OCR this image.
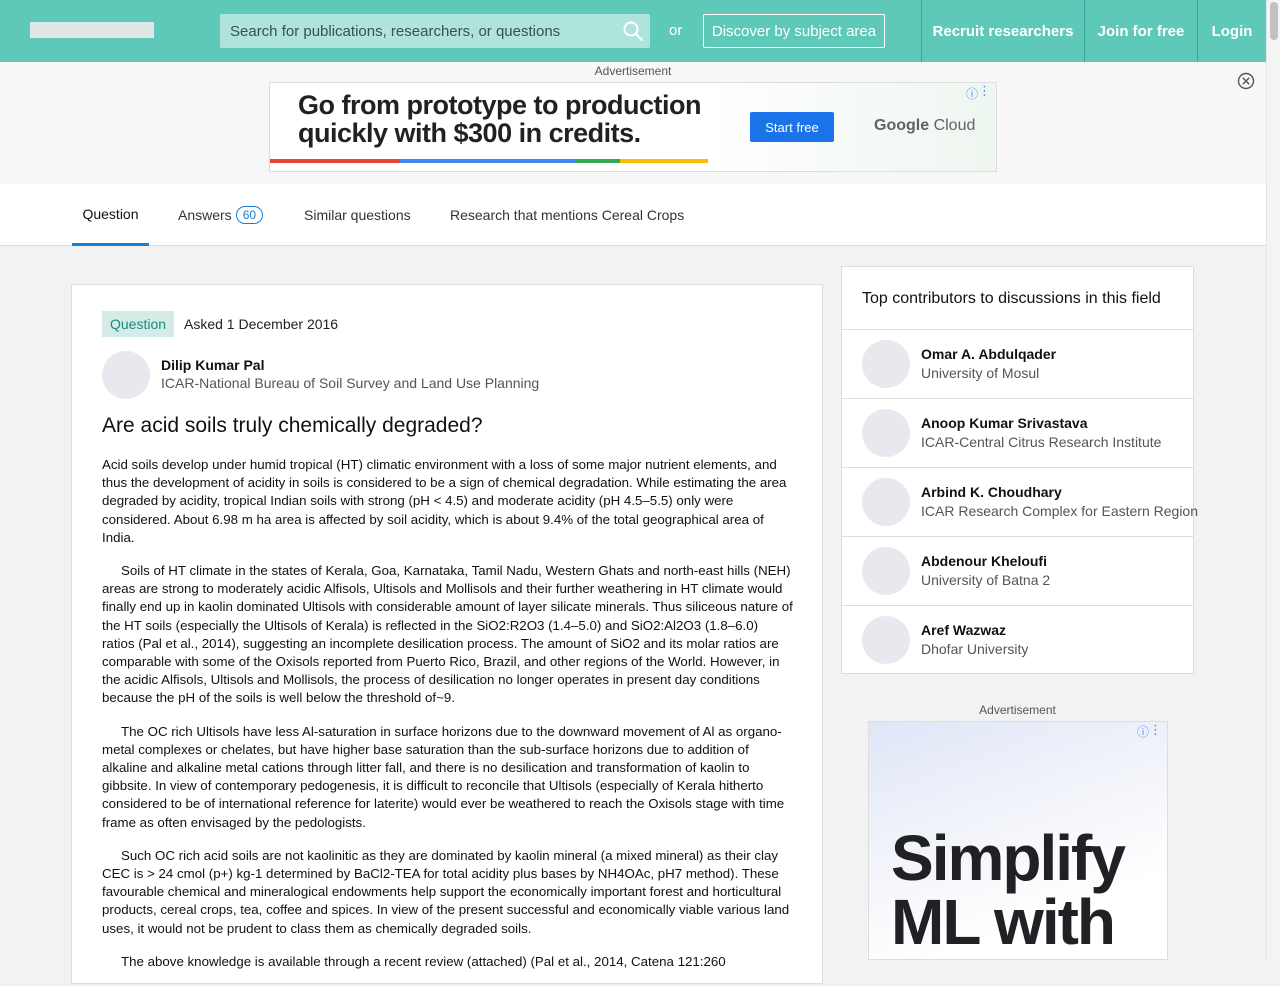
Search for publications, researchers, or questions
or	Discover by subject area	Recruit researchers	Join for free	Login
Advertisement
Go from prototype to production
quickly with $300 in credits.	Start free	Google Cloud
ⓘ ⋮
Question	Answers 60	Similar questions	Research that mentions Cereal Crops
Question	Asked 1 December 2016
Dilip Kumar Pal
ICAR-National Bureau of Soil Survey and Land Use Planning
Are acid soils truly chemically degraded?

Acid soils develop under humid tropical (HT) climatic environment with a loss of some major nutrient elements, and thus the development of acidity in soils is considered to be a sign of chemical degradation. While estimating the area degraded by acidity, tropical Indian soils with strong (pH < 4.5) and moderate acidity (pH 4.5–5.5) only were considered. About 6.98 m ha area is affected by soil acidity, which is about 9.4% of the total geographical area of India.

Soils of HT climate in the states of Kerala, Goa, Karnataka, Tamil Nadu, Western Ghats and north-east hills (NEH) areas are strong to moderately acidic Alfisols, Ultisols and Mollisols and their further weathering in HT climate would finally end up in kaolin dominated Ultisols with considerable amount of layer silicate minerals. Thus siliceous nature of the HT soils (especially the Ultisols of Kerala) is reflected in the SiO2:R2O3 (1.4–5.0) and SiO2:Al2O3 (1.8–6.0) ratios (Pal et al., 2014), suggesting an incomplete desilication process. The amount of SiO2 and its molar ratios are comparable with some of the Oxisols reported from Puerto Rico, Brazil, and other regions of the World. However, in the acidic Alfisols, Ultisols and Mollisols, the process of desilication no longer operates in present day conditions because the pH of the soils is well below the threshold of~9.

The OC rich Ultisols have less Al-saturation in surface horizons due to the downward movement of Al as organo-metal complexes or chelates, but have higher base saturation than the sub-surface horizons due to addition of alkaline and alkaline metal cations through litter fall, and there is no desilication and transformation of kaolin to gibbsite. In view of contemporary pedogenesis, it is difficult to reconcile that Ultisols (especially of Kerala hitherto considered to be of international reference for laterite) would ever be weathered to reach the Oxisols stage with time frame as often envisaged by the pedologists.

Such OC rich acid soils are not kaolinitic as they are dominated by kaolin mineral (a mixed mineral) as their clay CEC is > 24 cmol (p+) kg-1 determined by BaCl2-TEA for total acidity plus bases by NH4OAc, pH7 method). These favourable chemical and mineralogical endowments help support the economically important forest and horticultural products, cereal crops, tea, coffee and spices. In view of the present successful and economically viable various land uses, it would not be prudent to class them as chemically degraded soils.

The above knowledge is available through a recent review (attached) (Pal et al., 2014, Catena 121:260

Top contributors to discussions in this field
Omar A. Abdulqader
University of Mosul
Anoop Kumar Srivastava
ICAR-Central Citrus Research Institute
Arbind K. Choudhary
ICAR Research Complex for Eastern Region
Abdenour Kheloufi
University of Batna 2
Aref Wazwaz
Dhofar University
Advertisement
ⓘ ⋮
Simplify
ML with
